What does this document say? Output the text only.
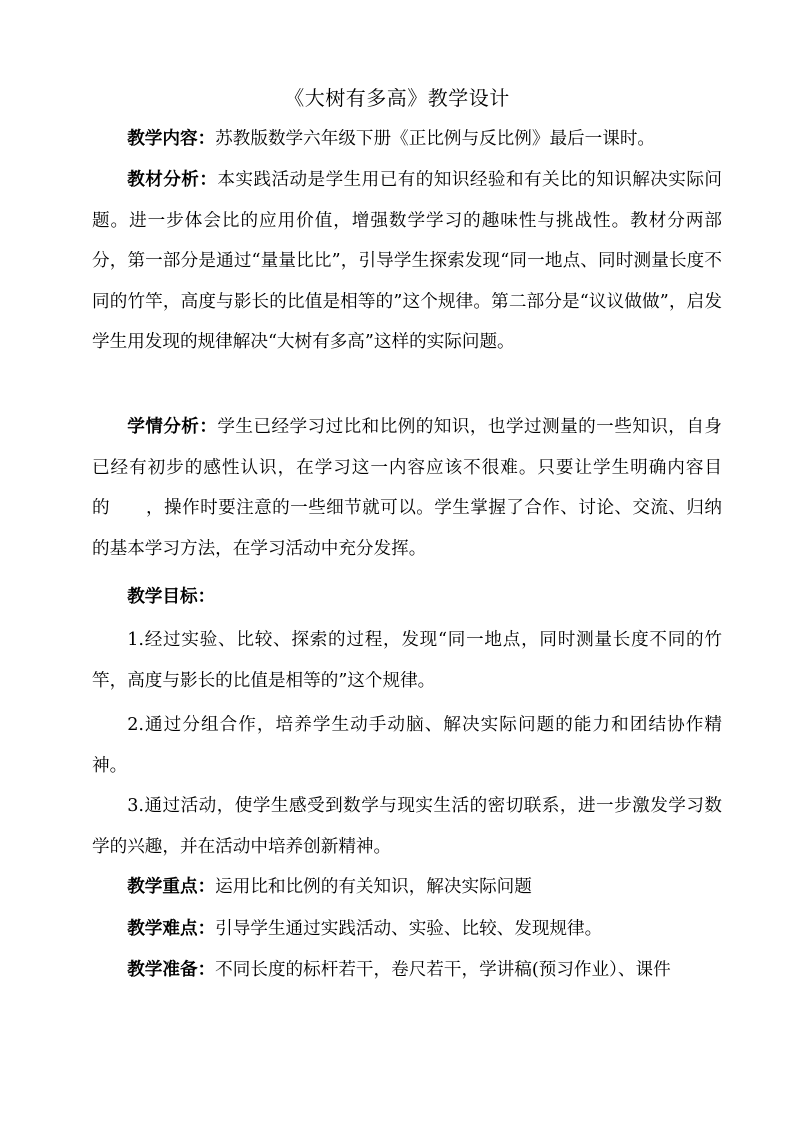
《大树有多高》教学设计
教学内容：苏教版数学六年级下册《正比例与反比例》最后一课时。
教材分析：本实践活动是学生用已有的知识经验和有关比的知识解决实际问题。进一步体会比的应用价值，增强数学学习的趣味性与挑战性。教材分两部分，第一部分是通过“量量比比”，引导学生探索发现“同一地点、同时测量长度不同的竹竿，高度与影长的比值是相等的”这个规律。第二部分是“议议做做”，启发学生用发现的规律解决“大树有多高”这样的实际问题。
学情分析：学生已经学习过比和比例的知识，也学过测量的一些知识，自身已经有初步的感性认识，在学习这一内容应该不很难。只要让学生明确内容目的　　，操作时要注意的一些细节就可以。学生掌握了合作、讨论、交流、归纳的基本学习方法，在学习活动中充分发挥。
教学目标：
1.经过实验、比较、探索的过程，发现“同一地点，同时测量长度不同的竹竿，高度与影长的比值是相等的”这个规律。
2.通过分组合作，培养学生动手动脑、解决实际问题的能力和团结协作精神。
3.通过活动，使学生感受到数学与现实生活的密切联系，进一步激发学习数学的兴趣，并在活动中培养创新精神。
教学重点：运用比和比例的有关知识，解决实际问题
教学难点：引导学生通过实践活动、实验、比较、发现规律。
教学准备：不同长度的标杆若干，卷尺若干，学讲稿(预习作业）、课件
